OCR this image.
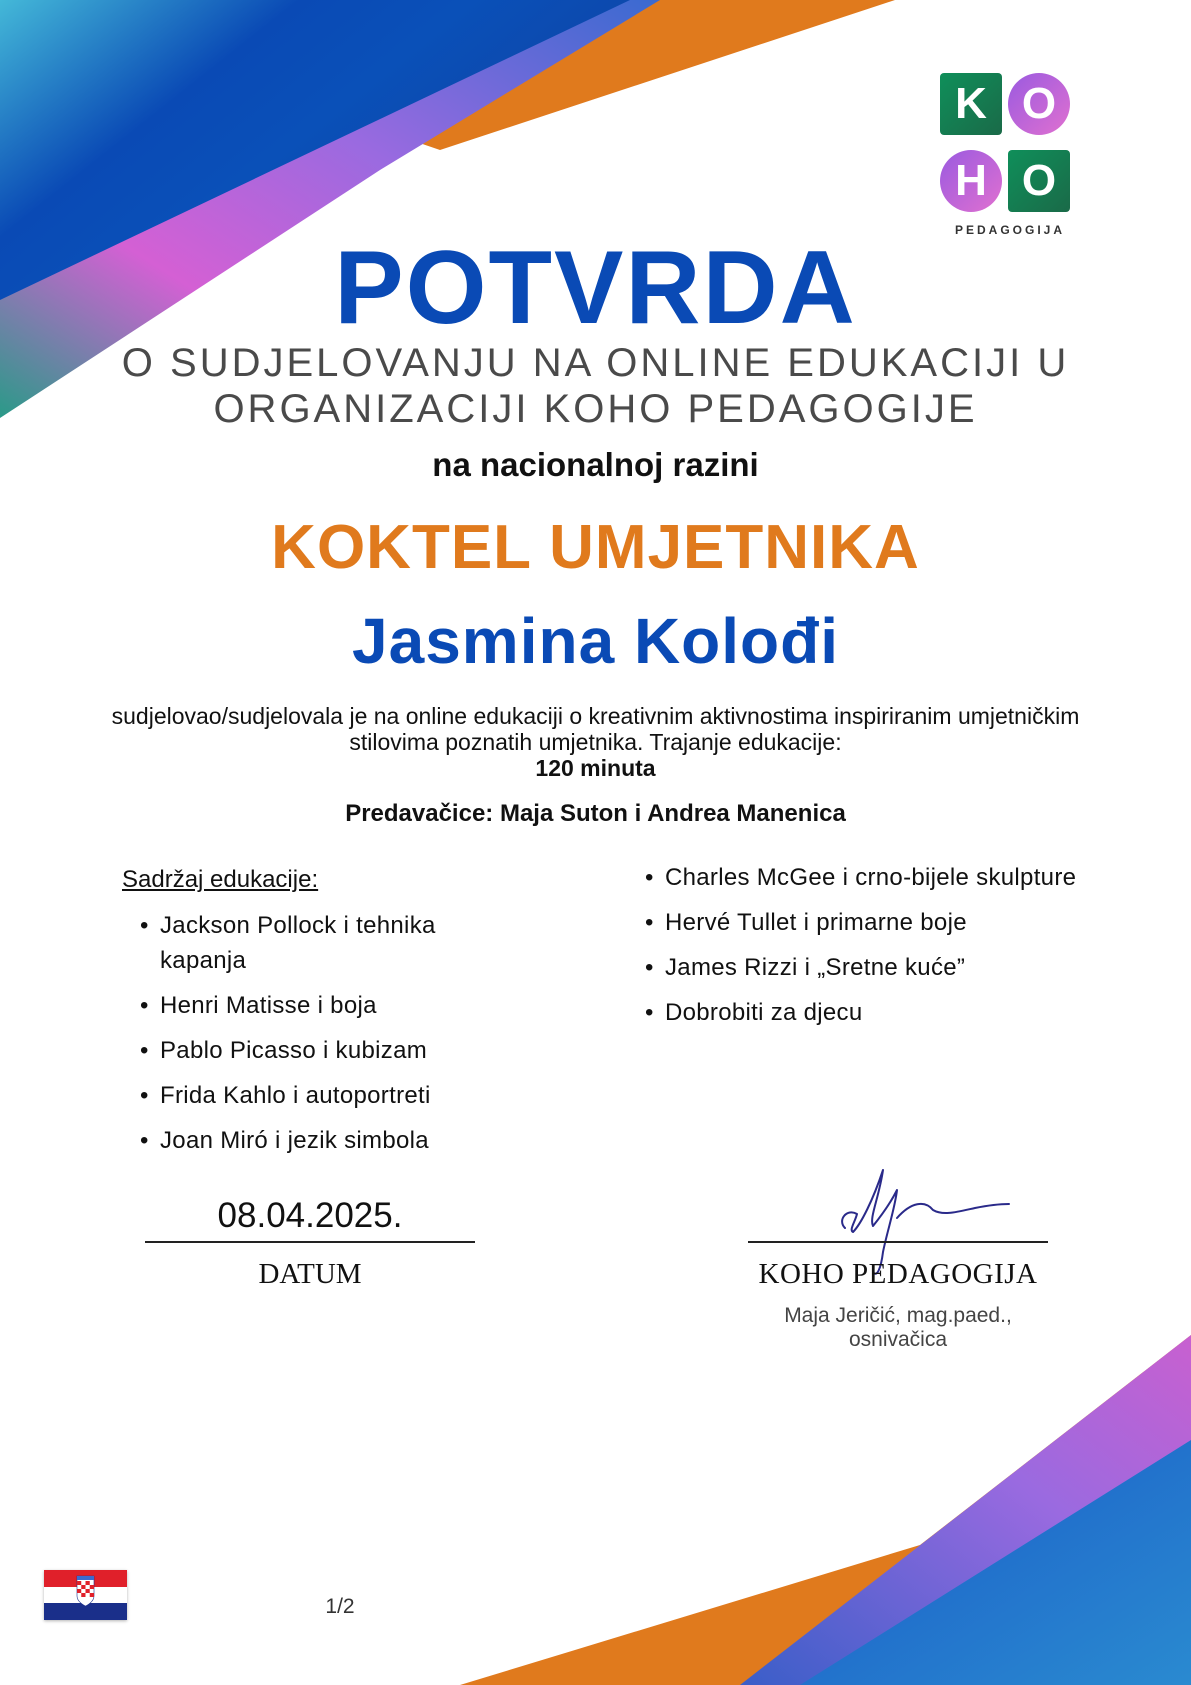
K O
H O
PEDAGOGIJA
POTVRDA
O SUDJELOVANJU NA ONLINE EDUKACIJI U
ORGANIZACIJI KOHO PEDAGOGIJE
na nacionalnoj razini
KOKTEL UMJETNIKA
Jasmina Kolođi
sudjelovao/sudjelovala je na online edukaciji o kreativnim aktivnostima inspiriranim umjetničkim stilovima poznatih umjetnika. Trajanje edukacije:
120 minuta
Predavačice: Maja Suton i Andrea Manenica
Sadržaj edukacije:
• Jackson Pollock i tehnika kapanja
• Henri Matisse i boja
• Pablo Picasso i kubizam
• Frida Kahlo i autoportreti
• Joan Miró i jezik simbola
• Charles McGee i crno-bijele skulpture
• Hervé Tullet i primarne boje
• James Rizzi i „Sretne kuće”
• Dobrobiti za djecu
08.04.2025.
DATUM	KOHO PEDAGOGIJA
Maja Jeričić, mag.paed.,
osnivačica
1/2
